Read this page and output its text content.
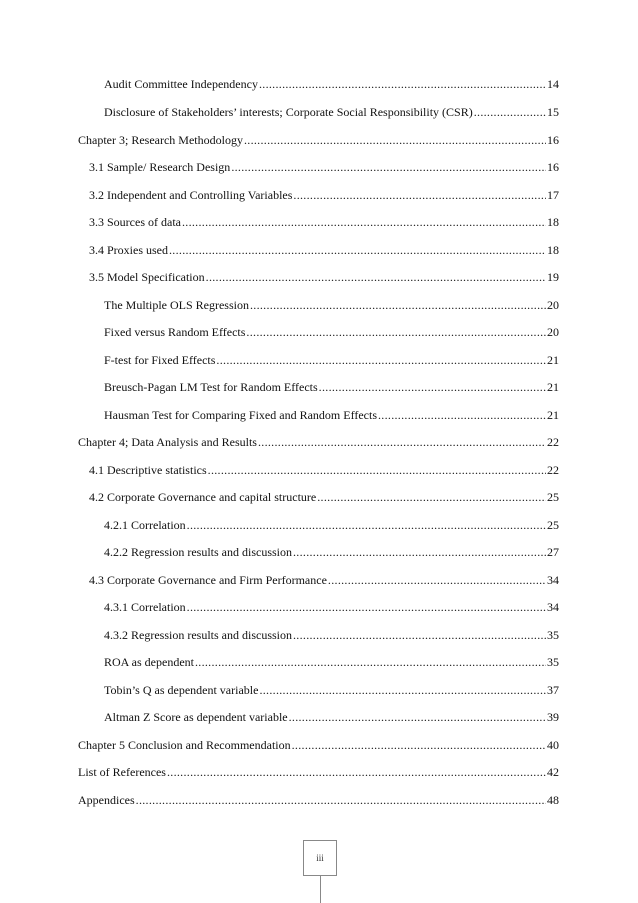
Audit Committee Independency .....	14
Disclosure of Stakeholders’ interests; Corporate Social Responsibility (CSR) .....	15
Chapter 3; Research Methodology .....	16
3.1 Sample/ Research Design .....	16
3.2 Independent and Controlling Variables .....	17
3.3 Sources of data .....	18
3.4 Proxies used .....	18
3.5 Model Specification .....	19
The Multiple OLS Regression .....	20
Fixed versus Random Effects .....	20
F-test for Fixed Effects .....	21
Breusch-Pagan LM Test for Random Effects .....	21
Hausman Test for Comparing Fixed and Random Effects .....	21
Chapter 4; Data Analysis and Results .....	22
4.1 Descriptive statistics .....	22
4.2 Corporate Governance and capital structure .....	25
4.2.1 Correlation .....	25
4.2.2 Regression results and discussion .....	27
4.3 Corporate Governance and Firm Performance .....	34
4.3.1 Correlation .....	34
4.3.2 Regression results and discussion .....	35
ROA as dependent .....	35
Tobin’s Q as dependent variable .....	37
Altman Z Score as dependent variable .....	39
Chapter 5 Conclusion and Recommendation .....	40
List of References .....	42
Appendices .....	48
iii
